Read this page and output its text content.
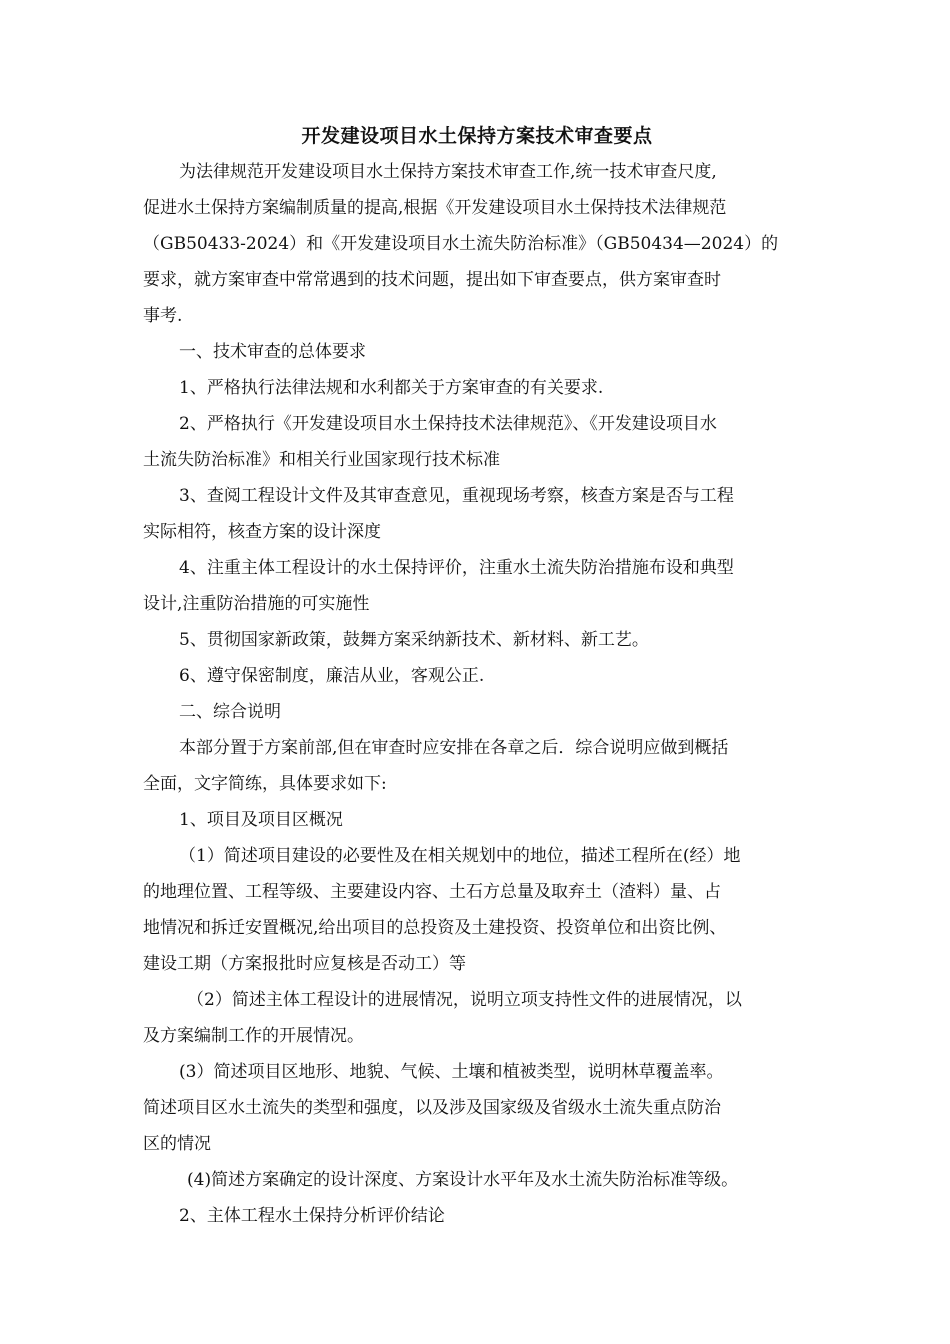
开发建设项目水土保持方案技术审查要点

为法律规范开发建设项目水土保持方案技术审查工作,统一技术审查尺度,

促进水土保持方案编制质量的提高,根据《开发建设项目水土保持技术法律规范

（GB50433-2024）和《开发建设项目水土流失防治标准》（GB50434—2024）的

要求，就方案审查中常常遇到的技术问题，提出如下审查要点，供方案审查时

事考.

一、技术审查的总体要求

1、严格执行法律法规和水利都关于方案审查的有关要求.

2、严格执行《开发建设项目水土保持技术法律规范》、《开发建设项目水

土流失防治标准》和相关行业国家现行技术标准

3、查阅工程设计文件及其审查意见，重视现场考察，核查方案是否与工程

实际相符，核查方案的设计深度

4、注重主体工程设计的水土保持评价，注重水土流失防治措施布设和典型

设计,注重防治措施的可实施性

5、贯彻国家新政策，鼓舞方案采纳新技术、新材料、新工艺。

6、遵守保密制度，廉洁从业，客观公正.

二、综合说明

本部分置于方案前部,但在审查时应安排在各章之后．综合说明应做到概括

全面，文字简练，具体要求如下:

1、项目及项目区概况

（1）简述项目建设的必要性及在相关规划中的地位，描述工程所在(经）地

的地理位置、工程等级、主要建设内容、土石方总量及取弃土（渣料）量、占

地情况和拆迁安置概况,给出项目的总投资及土建投资、投资单位和出资比例、

建设工期（方案报批时应复核是否动工）等

（2）简述主体工程设计的进展情况，说明立项支持性文件的进展情况，以

及方案编制工作的开展情况。

(3）简述项目区地形、地貌、气候、土壤和植被类型，说明林草覆盖率。

简述项目区水土流失的类型和强度，以及涉及国家级及省级水土流失重点防治

区的情况

(4)简述方案确定的设计深度、方案设计水平年及水土流失防治标准等级。

2、主体工程水土保持分析评价结论
